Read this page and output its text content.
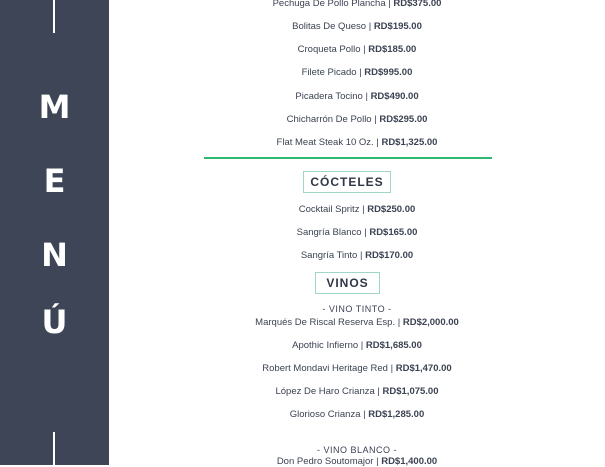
M
E
N
Ú
Pechuga De Pollo Plancha | RD$375.00
Bolitas De Queso | RD$195.00
Croqueta Pollo | RD$185.00
Filete Picado | RD$995.00
Picadera Tocino | RD$490.00
Chicharrón De Pollo | RD$295.00
Flat Meat Steak 10 Oz. | RD$1,325.00
CÓCTELES
Cocktail Spritz | RD$250.00
Sangría Blanco | RD$165.00
Sangría Tinto | RD$170.00
VINOS
- VINO TINTO -
Marqués De Riscal Reserva Esp. | RD$2,000.00
Apothic Infierno | RD$1,685.00
Robert Mondavi Heritage Red | RD$1,470.00
López De Haro Crianza | RD$1,075.00
Glorioso Crianza | RD$1,285.00
- VINO BLANCO -
Don Pedro Soutomajor | RD$1,400.00
